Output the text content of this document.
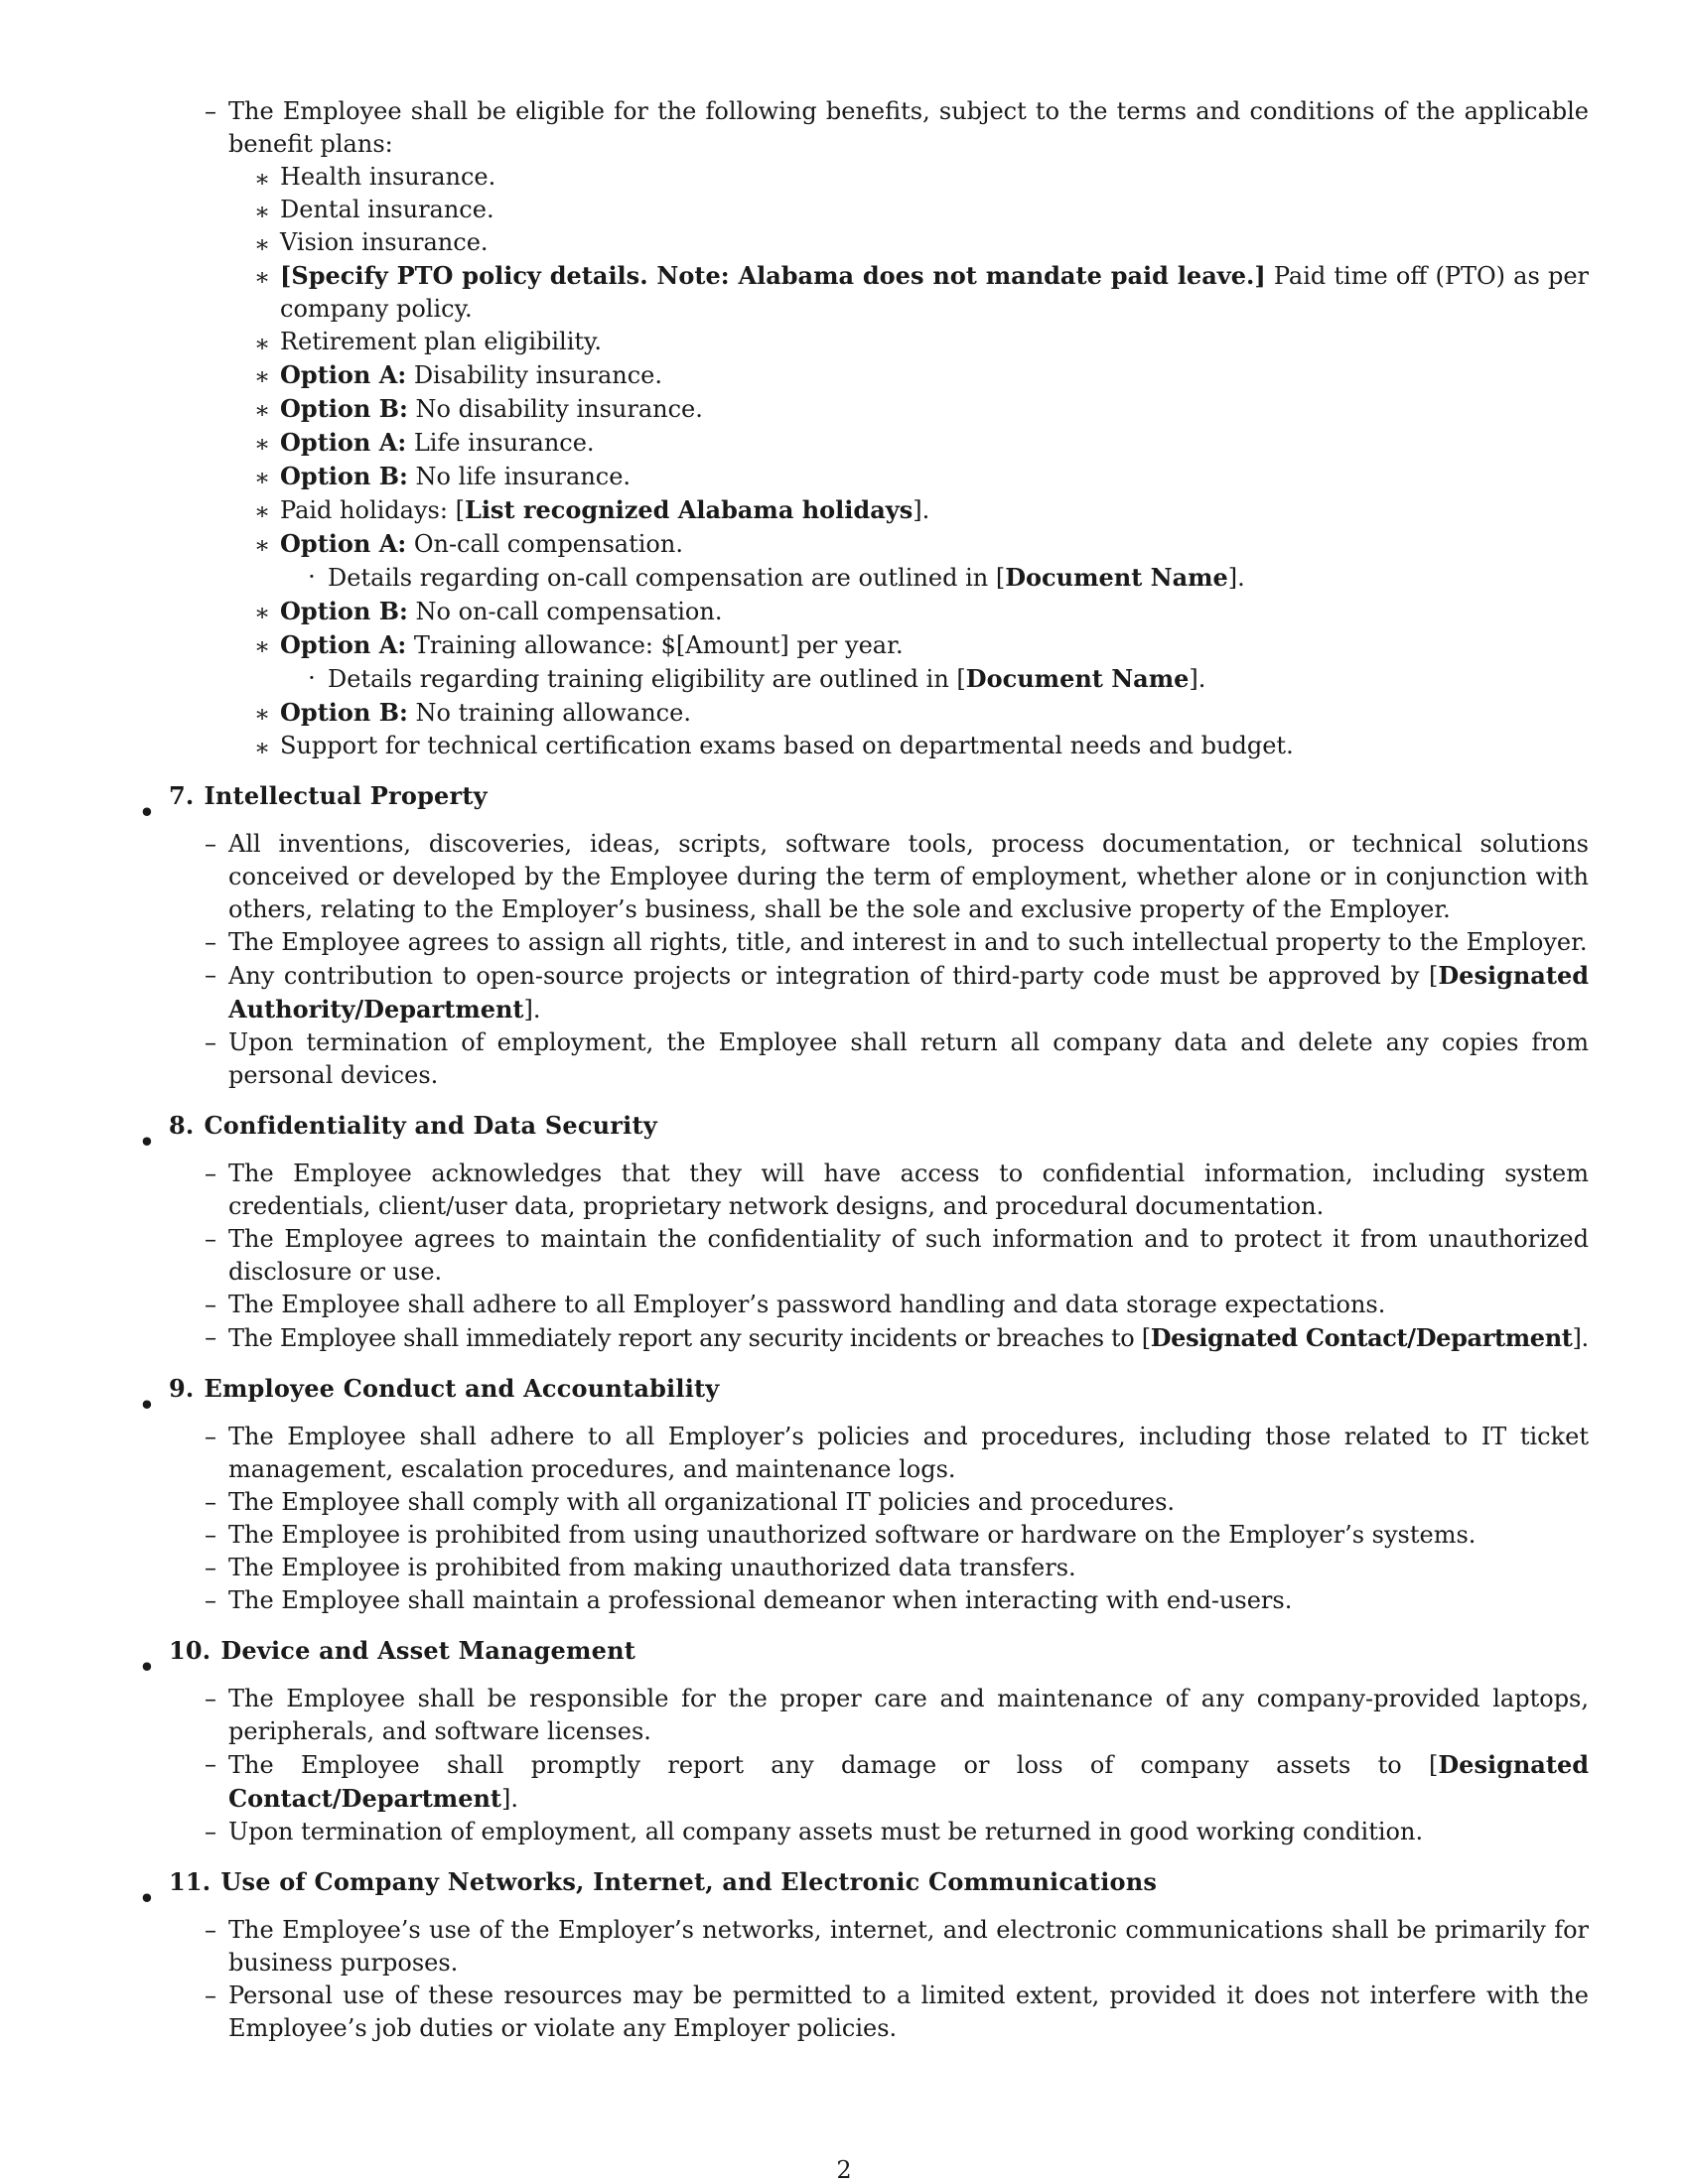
– The Employee shall be eligible for the following benefits, subject to the terms and conditions of the applicable benefit plans:
∗ Health insurance.
∗ Dental insurance.
∗ Vision insurance.
∗ [Specify PTO policy details. Note: Alabama does not mandate paid leave.] Paid time off (PTO) as per company policy.
∗ Retirement plan eligibility.
∗ Option A: Disability insurance.
∗ Option B: No disability insurance.
∗ Option A: Life insurance.
∗ Option B: No life insurance.
∗ Paid holidays: [List recognized Alabama holidays].
∗ Option A: On-call compensation.
· Details regarding on-call compensation are outlined in [Document Name].
∗ Option B: No on-call compensation.
∗ Option A: Training allowance: $[Amount] per year.
· Details regarding training eligibility are outlined in [Document Name].
∗ Option B: No training allowance.
∗ Support for technical certification exams based on departmental needs and budget.
•
7. Intellectual Property
– All inventions, discoveries, ideas, scripts, software tools, process documentation, or technical solutions conceived or developed by the Employee during the term of employment, whether alone or in conjunction with others, relating to the Employer’s business, shall be the sole and exclusive property of the Employer.
– The Employee agrees to assign all rights, title, and interest in and to such intellectual property to the Employer.
– Any contribution to open-source projects or integration of third-party code must be approved by [Designated Authority/Department].
– Upon termination of employment, the Employee shall return all company data and delete any copies from personal devices.
•
8. Confidentiality and Data Security
– The Employee acknowledges that they will have access to confidential information, including system credentials, client/user data, proprietary network designs, and procedural documentation.
– The Employee agrees to maintain the confidentiality of such information and to protect it from unauthorized disclosure or use.
– The Employee shall adhere to all Employer’s password handling and data storage expectations.
– The Employee shall immediately report any security incidents or breaches to [Designated Contact/Department].
•
9. Employee Conduct and Accountability
– The Employee shall adhere to all Employer’s policies and procedures, including those related to IT ticket management, escalation procedures, and maintenance logs.
– The Employee shall comply with all organizational IT policies and procedures.
– The Employee is prohibited from using unauthorized software or hardware on the Employer’s systems.
– The Employee is prohibited from making unauthorized data transfers.
– The Employee shall maintain a professional demeanor when interacting with end-users.
•
10. Device and Asset Management
– The Employee shall be responsible for the proper care and maintenance of any company-provided laptops, peripherals, and software licenses.
– The Employee shall promptly report any damage or loss of company assets to [Designated Contact/Department].
– Upon termination of employment, all company assets must be returned in good working condition.
•
11. Use of Company Networks, Internet, and Electronic Communications
– The Employee’s use of the Employer’s networks, internet, and electronic communications shall be primarily for business purposes.
– Personal use of these resources may be permitted to a limited extent, provided it does not interfere with the Employee’s job duties or violate any Employer policies.
2
